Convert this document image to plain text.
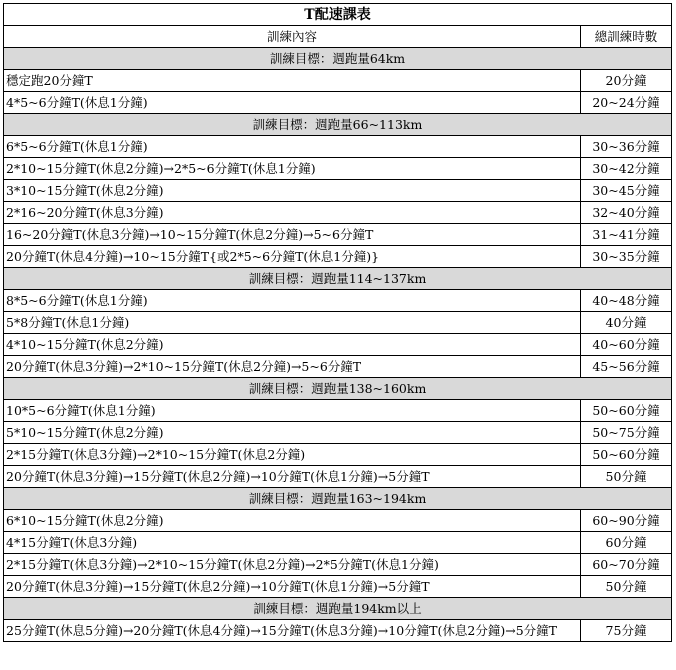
T配速課表	
訓練內容	總訓練時數
訓練目標：週跑量64km	
穩定跑20分鐘T	20分鐘
4*5~6分鐘T(休息1分鐘)	20~24分鐘
訓練目標：週跑量66~113km	
6*5~6分鐘T(休息1分鐘)	30~36分鐘
2*10~15分鐘T(休息2分鐘)→2*5~6分鐘T(休息1分鐘)	30~42分鐘
3*10~15分鐘T(休息2分鐘)	30~45分鐘
2*16~20分鐘T(休息3分鐘)	32~40分鐘
16~20分鐘T(休息3分鐘)→10~15分鐘T(休息2分鐘)→5~6分鐘T	31~41分鐘
20分鐘T(休息4分鐘)→10~15分鐘T{或2*5~6分鐘T(休息1分鐘)}	30~35分鐘
訓練目標：週跑量114~137km	
8*5~6分鐘T(休息1分鐘)	40~48分鐘
5*8分鐘T(休息1分鐘)	40分鐘
4*10~15分鐘T(休息2分鐘)	40~60分鐘
20分鐘T(休息3分鐘)→2*10~15分鐘T(休息2分鐘)→5~6分鐘T	45~56分鐘
訓練目標：週跑量138~160km	
10*5~6分鐘T(休息1分鐘)	50~60分鐘
5*10~15分鐘T(休息2分鐘)	50~75分鐘
2*15分鐘T(休息3分鐘)→2*10~15分鐘T(休息2分鐘)	50~60分鐘
20分鐘T(休息3分鐘)→15分鐘T(休息2分鐘)→10分鐘T(休息1分鐘)→5分鐘T	50分鐘
訓練目標：週跑量163~194km	
6*10~15分鐘T(休息2分鐘)	60~90分鐘
4*15分鐘T(休息3分鐘)	60分鐘
2*15分鐘T(休息3分鐘)→2*10~15分鐘T(休息2分鐘)→2*5分鐘T(休息1分鐘)	60~70分鐘
20分鐘T(休息3分鐘)→15分鐘T(休息2分鐘)→10分鐘T(休息1分鐘)→5分鐘T	50分鐘
訓練目標：週跑量194km以上	
25分鐘T(休息5分鐘)→20分鐘T(休息4分鐘)→15分鐘T(休息3分鐘)→10分鐘T(休息2分鐘)→5分鐘T	75分鐘
